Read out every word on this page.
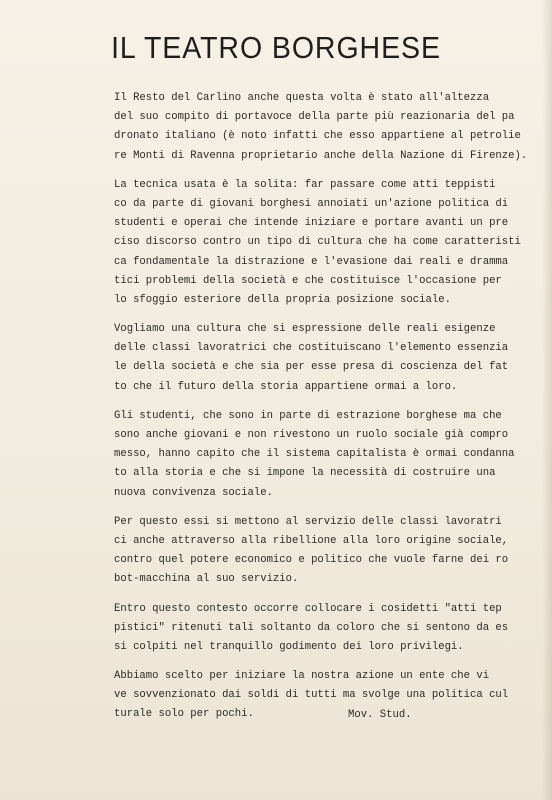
IL TEATRO BORGHESE
Il Resto del Carlino anche questa volta è stato all'altezza
del suo compito di portavoce della parte più reazionaria del pa
dronato italiano (è noto infatti che esso appartiene al petrolie
re Monti di Ravenna proprietario anche della Nazione di Firenze).
La tecnica usata è la solita: far passare come atti teppisti
co da parte di giovani borghesi annoiati un'azione politica di
studenti e operai che intende iniziare e portare avanti un pre
ciso discorso contro un tipo di cultura che ha come caratteristi
ca fondamentale la distrazione e l'evasione dai reali e dramma
tici problemi della società e che costituisce l'occasione per
lo sfoggio esteriore della propria posizione sociale.
Vogliamo una cultura che si espressione delle reali esigenze
delle classi lavoratrici che costituiscano l'elemento essenzia
le della società e che sia per esse presa di coscienza del fat
to che il futuro della storia appartiene ormai a loro.
Gli studenti, che sono in parte di estrazione borghese ma che
sono anche giovani e non rivestono un ruolo sociale già compro
messo, hanno capito che il sistema capitalista è ormai condanna
to alla storia e che si impone la necessità di costruire una
nuova convivenza sociale.
Per questo essi si mettono al servizio delle classi lavoratri
ci anche attraverso alla ribellione alla loro origine sociale,
contro quel potere economico e politico che vuole farne dei ro
bot-macchina al suo servizio.
Entro questo contesto occorre collocare i cosidetti "atti tep
pistici" ritenuti tali soltanto da coloro che si sentono da es
si colpiti nel tranquillo godimento dei loro privilegi.
Abbiamo scelto per iniziare la nostra azione un ente che vi
ve sovvenzionato dai soldi di tutti ma svolge una politica cul
turale solo per pochi.	Mov. Stud.
